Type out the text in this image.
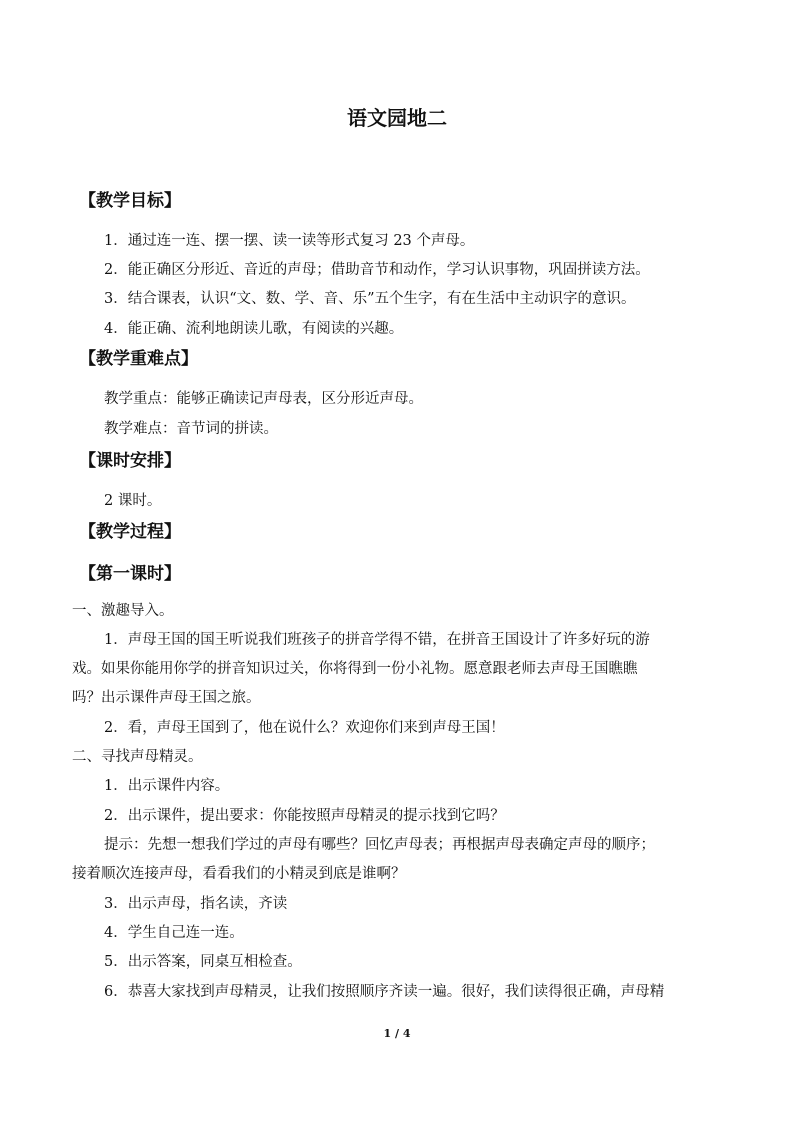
语文园地二
【教学目标】
1．通过连一连、摆一摆、读一读等形式复习 23 个声母。
2．能正确区分形近、音近的声母；借助音节和动作，学习认识事物，巩固拼读方法。
3．结合课表，认识“文、数、学、音、乐”五个生字，有在生活中主动识字的意识。
4．能正确、流利地朗读儿歌，有阅读的兴趣。
【教学重难点】
教学重点：能够正确读记声母表，区分形近声母。
教学难点：音节词的拼读。
【课时安排】
2 课时。
【教学过程】
【第一课时】
一、激趣导入。
1．声母王国的国王听说我们班孩子的拼音学得不错，在拼音王国设计了许多好玩的游
戏。如果你能用你学的拼音知识过关，你将得到一份小礼物。愿意跟老师去声母王国瞧瞧
吗？出示课件声母王国之旅。
2．看，声母王国到了，他在说什么？欢迎你们来到声母王国！
二、寻找声母精灵。
1．出示课件内容。
2．出示课件，提出要求：你能按照声母精灵的提示找到它吗？
提示：先想一想我们学过的声母有哪些？回忆声母表；再根据声母表确定声母的顺序；
接着顺次连接声母，看看我们的小精灵到底是谁啊？
3．出示声母，指名读，齐读
4．学生自己连一连。
5．出示答案，同桌互相检查。
6．恭喜大家找到声母精灵，让我们按照顺序齐读一遍。很好，我们读得很正确，声母精
1 / 4
